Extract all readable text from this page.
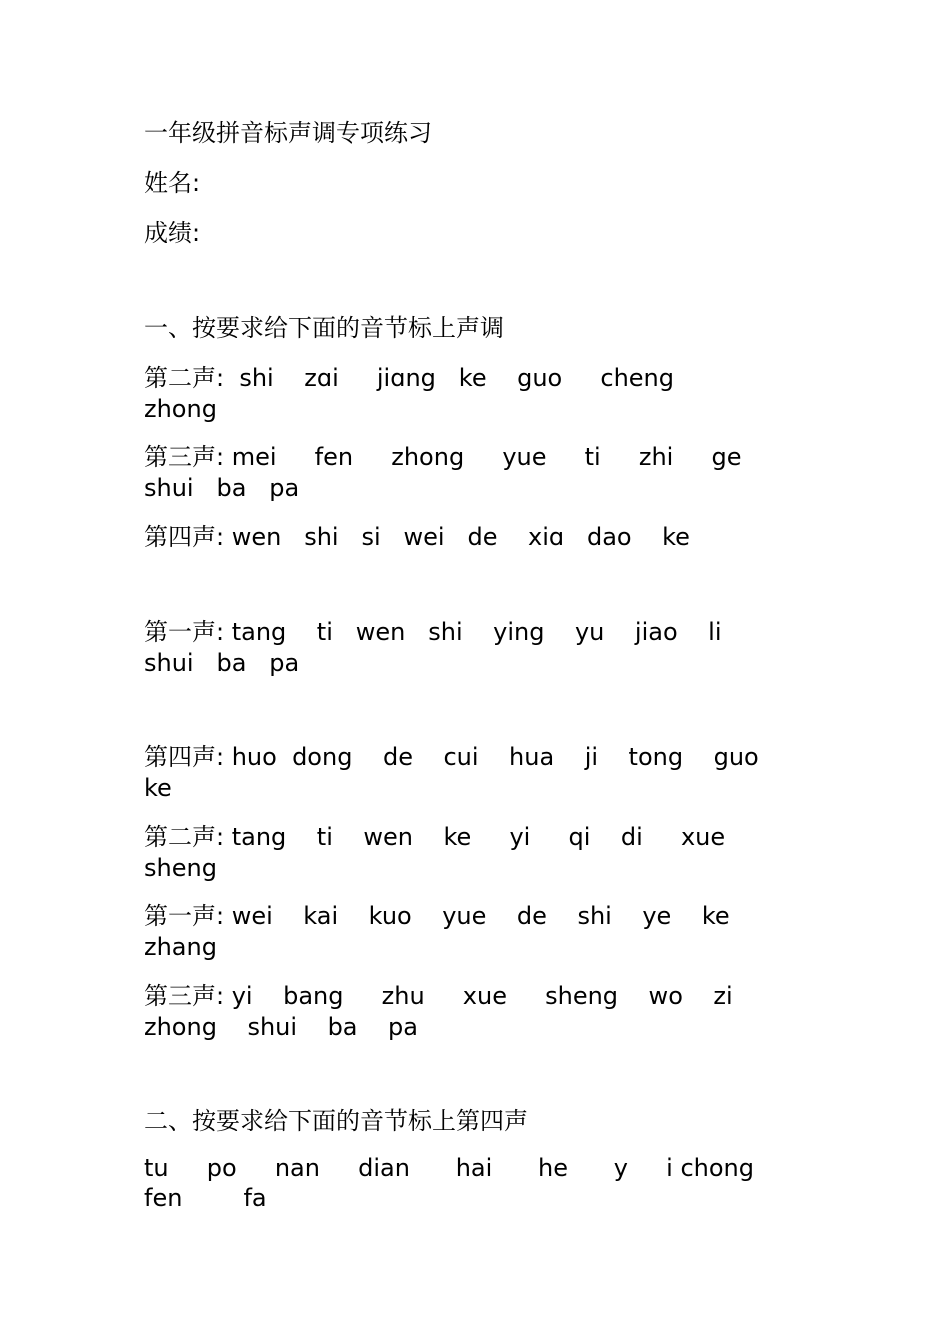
一年级拼音标声调专项练习

姓名:

成绩:

一、按要求给下面的音节标上声调

第二声:  shi    zɑi     jiɑng   ke    guo     cheng

zhong

第三声: mei     fen     zhong     yue     ti     zhi     ge

shui   ba   pa

第四声: wen   shi   si   wei   de    xiɑ   dao    ke

第一声: tang    ti   wen   shi    ying    yu    jiao    li

shui   ba   pa

第四声: huo  dong    de    cui    hua    ji    tong    guo

ke

第二声: tang    ti    wen    ke     yi     qi    di     xue

sheng

第一声: wei    kai    kuo    yue    de    shi    ye    ke

zhang

第三声: yi    bang     zhu     xue     sheng    wo    zi

zhong    shui    ba    pa

二、按要求给下面的音节标上第四声

tu     po     nan     dian      hai      he      y     i chong

fen        fa
